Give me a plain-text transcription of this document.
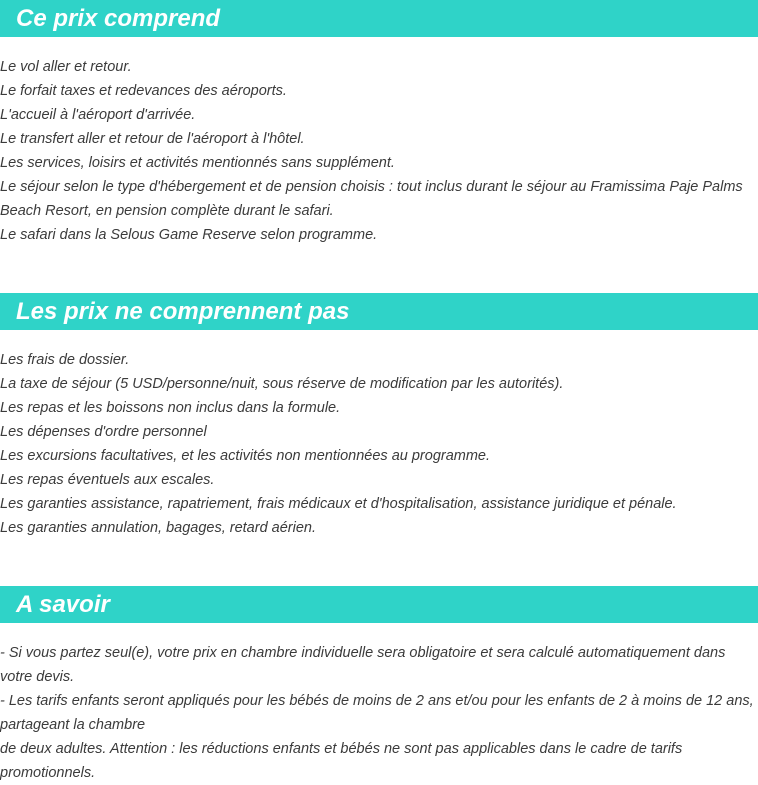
Ce prix comprend
Le vol aller et retour.
Le forfait taxes et redevances des aéroports.
L'accueil à l'aéroport d'arrivée.
Le transfert aller et retour de l'aéroport à l'hôtel.
Les services, loisirs et activités mentionnés sans supplément.
Le séjour selon le type d'hébergement et de pension choisis : tout inclus durant le séjour au Framissima Paje Palms Beach Resort, en pension complète durant le safari.
Le safari dans la Selous Game Reserve selon programme.
Les prix ne comprennent pas
Les frais de dossier.
La taxe de séjour (5 USD/personne/nuit, sous réserve de modification par les autorités).
Les repas et les boissons non inclus dans la formule.
Les dépenses d'ordre personnel
Les excursions facultatives, et les activités non mentionnées au programme.
Les repas éventuels aux escales.
Les garanties assistance, rapatriement, frais médicaux et d'hospitalisation, assistance juridique et pénale.
Les garanties annulation, bagages, retard aérien.
A savoir
- Si vous partez seul(e), votre prix en chambre individuelle sera obligatoire et sera calculé automatiquement dans votre devis.
- Les tarifs enfants seront appliqués pour les bébés de moins de 2 ans et/ou pour les enfants de 2 à moins de 12 ans, partageant la chambre
de deux adultes. Attention : les réductions enfants et bébés ne sont pas applicables dans le cadre de tarifs promotionnels.
